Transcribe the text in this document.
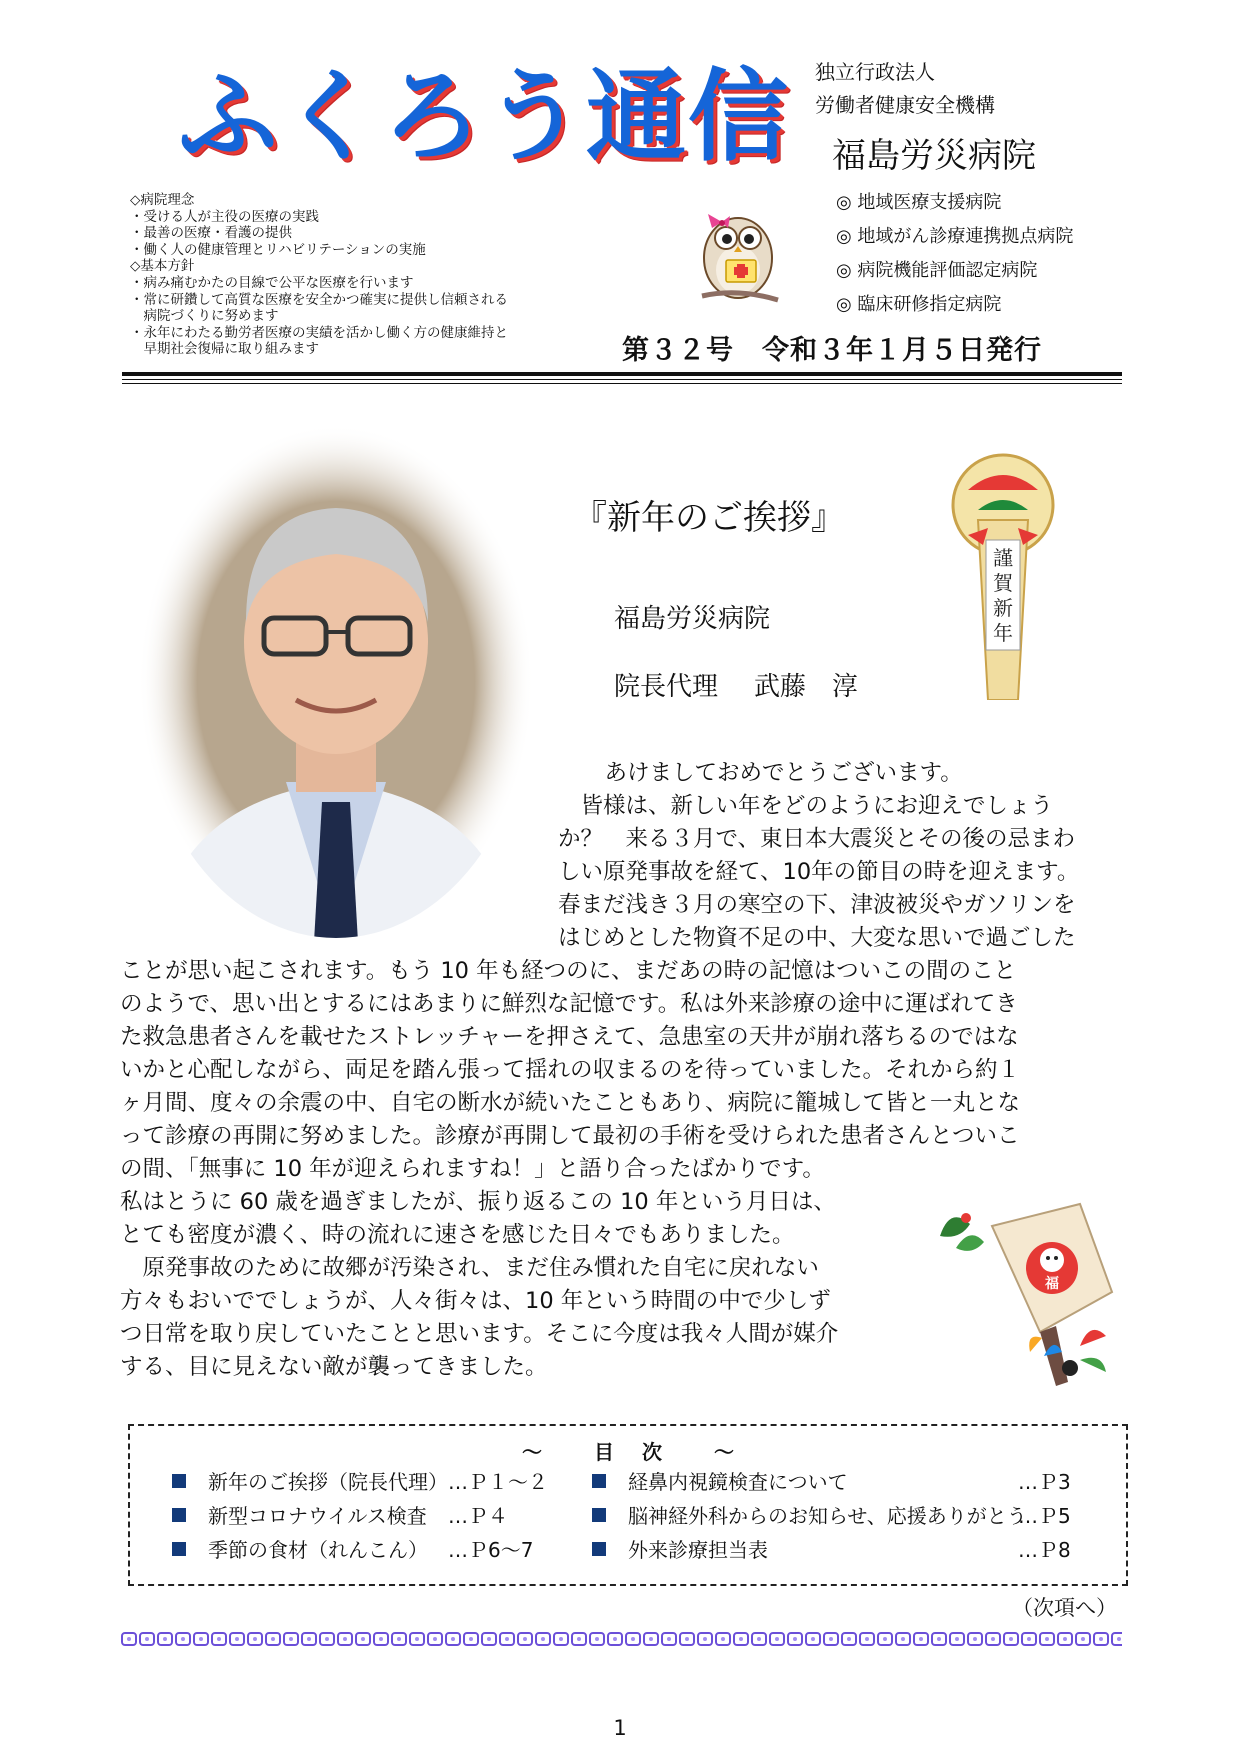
ふくろう通信 独立行政法人
労働者健康安全機構
福島労災病院
◎ 地域医療支援病院
◎ 地域がん診療連携拠点病院
◎ 病院機能評価認定病院
◎ 臨床研修指定病院
◇病院理念
・受ける人が主役の医療の実践
・最善の医療・看護の提供
・働く人の健康管理とリハビリテーションの実施
◇基本方針
・病み痛むかたの目線で公平な医療を行います
・常に研鑽して高質な医療を安全かつ確実に提供し信頼される
　病院づくりに努めます
・永年にわたる勤労者医療の実績を活かし働く方の健康維持と
　早期社会復帰に取り組みます	第３２号 令和３年１月５日発行
『新年のご挨拶』
福島労災病院
院長代理 武藤　淳
謹
賀
新
年
　あけましておめでとうございます。
　皆様は、新しい年をどのようにお迎えでしょう
か？　来る３月で、東日本大震災とその後の忌まわ
しい原発事故を経て、10年の節目の時を迎えます。
春まだ浅き３月の寒空の下、津波被災やガソリンを
はじめとした物資不足の中、大変な思いで過ごした
ことが思い起こされます。もう 10 年も経つのに、まだあの時の記憶はついこの間のこと
のようで、思い出とするにはあまりに鮮烈な記憶です。私は外来診療の途中に運ばれてき
た救急患者さんを載せたストレッチャーを押さえて、急患室の天井が崩れ落ちるのではな
いかと心配しながら、両足を踏ん張って揺れの収まるのを待っていました。それから約１
ヶ月間、度々の余震の中、自宅の断水が続いたこともあり、病院に籠城して皆と一丸とな
って診療の再開に努めました。診療が再開して最初の手術を受けられた患者さんとついこ
の間、「無事に 10 年が迎えられますね！」と語り合ったばかりです。
私はとうに 60 歳を過ぎましたが、振り返るこの 10 年という月日は、
とても密度が濃く、時の流れに速さを感じた日々でもありました。
　原発事故のために故郷が汚染され、まだ住み慣れた自宅に戻れない
方々もおいででしょうが、人々街々は、10 年という時間の中で少しず
つ日常を取り戻していたことと思います。そこに今度は我々人間が媒介
する、目に見えない敵が襲ってきました。
福
～　　目　次　　～
新年のご挨拶（院長代理） …Ｐ１～２
新型コロナウイルス検査 …Ｐ４
季節の食材（れんこん） …Ｐ6～7
経鼻内視鏡検査について	…Ｐ3
脳神経外科からのお知らせ、応援ありがとう
…Ｐ5
外来診療担当表	…Ｐ8
（次項へ）
1
